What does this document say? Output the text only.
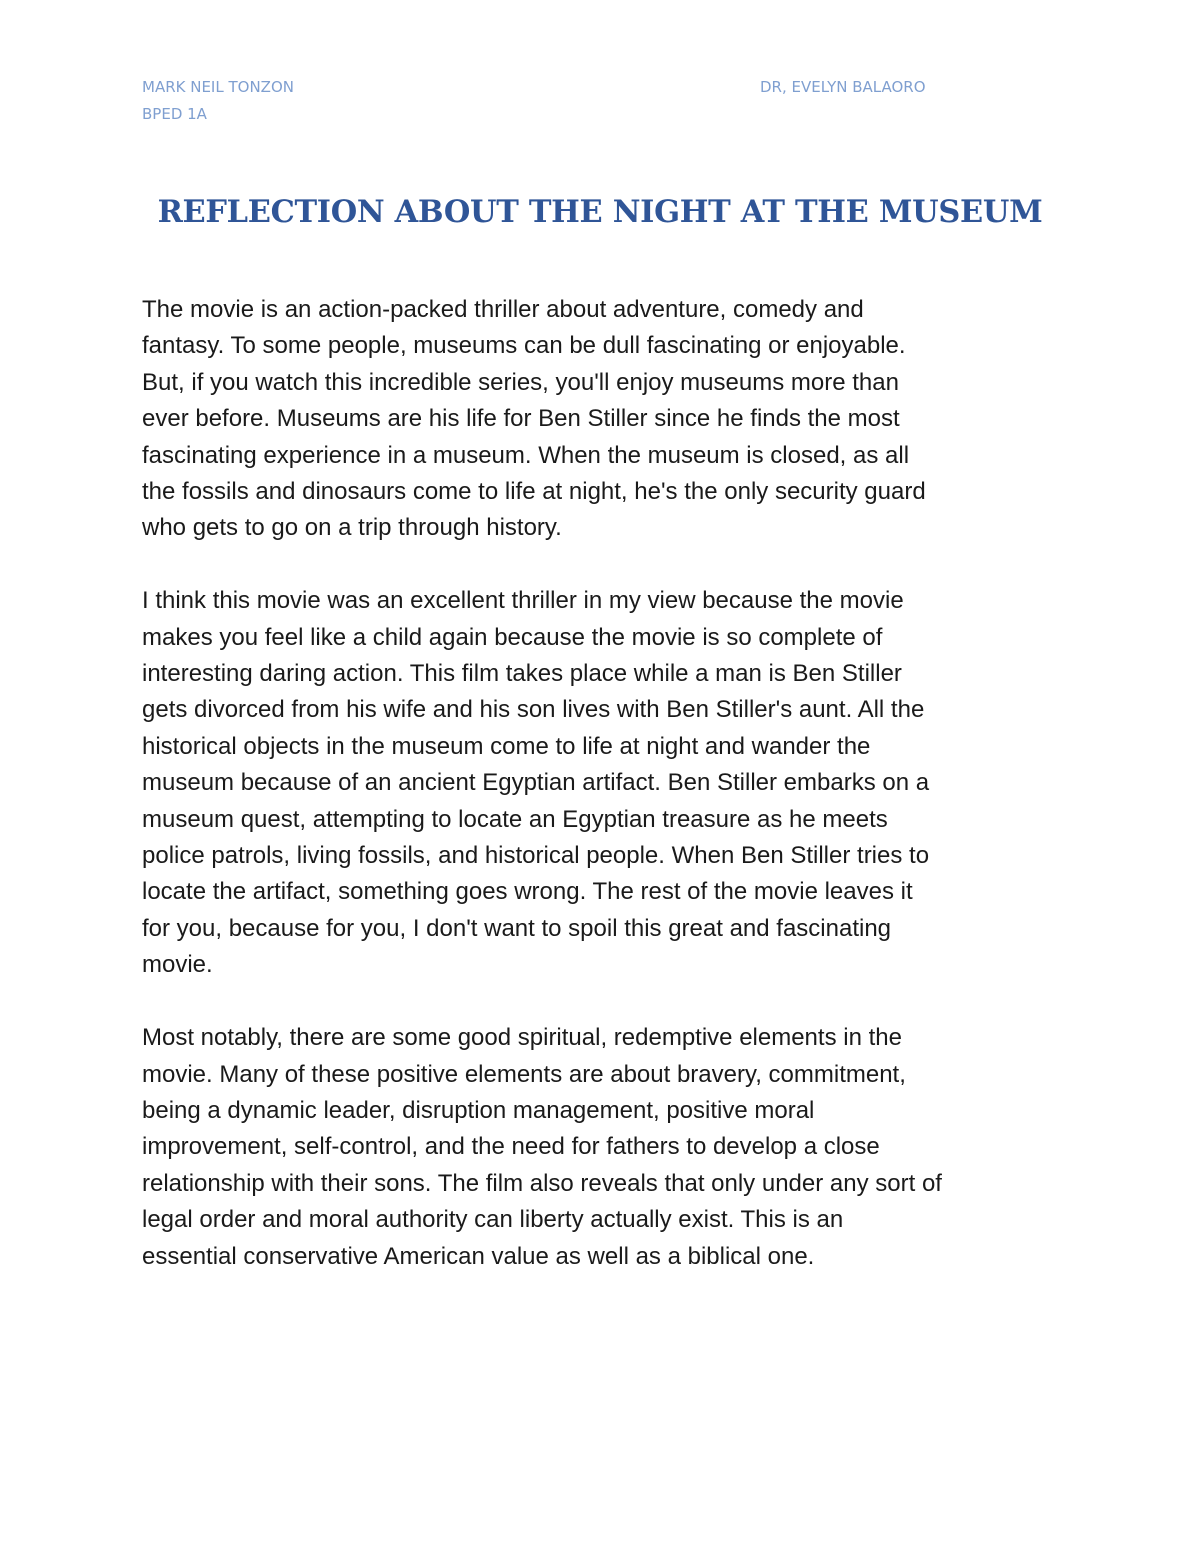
MARK NEIL TONZON
BPED 1A
DR, EVELYN BALAORO
REFLECTION ABOUT THE NIGHT AT THE MUSEUM
The movie is an action-packed thriller about adventure, comedy and
fantasy. To some people, museums can be dull fascinating or enjoyable.
But, if you watch this incredible series, you'll enjoy museums more than
ever before. Museums are his life for Ben Stiller since he finds the most
fascinating experience in a museum. When the museum is closed, as all
the fossils and dinosaurs come to life at night, he's the only security guard
who gets to go on a trip through history.
I think this movie was an excellent thriller in my view because the movie
makes you feel like a child again because the movie is so complete of
interesting daring action. This film takes place while a man is Ben Stiller
gets divorced from his wife and his son lives with Ben Stiller's aunt. All the
historical objects in the museum come to life at night and wander the
museum because of an ancient Egyptian artifact. Ben Stiller embarks on a
museum quest, attempting to locate an Egyptian treasure as he meets
police patrols, living fossils, and historical people. When Ben Stiller tries to
locate the artifact, something goes wrong. The rest of the movie leaves it
for you, because for you, I don't want to spoil this great and fascinating
movie.
Most notably, there are some good spiritual, redemptive elements in the
movie. Many of these positive elements are about bravery, commitment,
being a dynamic leader, disruption management, positive moral
improvement, self-control, and the need for fathers to develop a close
relationship with their sons. The film also reveals that only under any sort of
legal order and moral authority can liberty actually exist. This is an
essential conservative American value as well as a biblical one.
